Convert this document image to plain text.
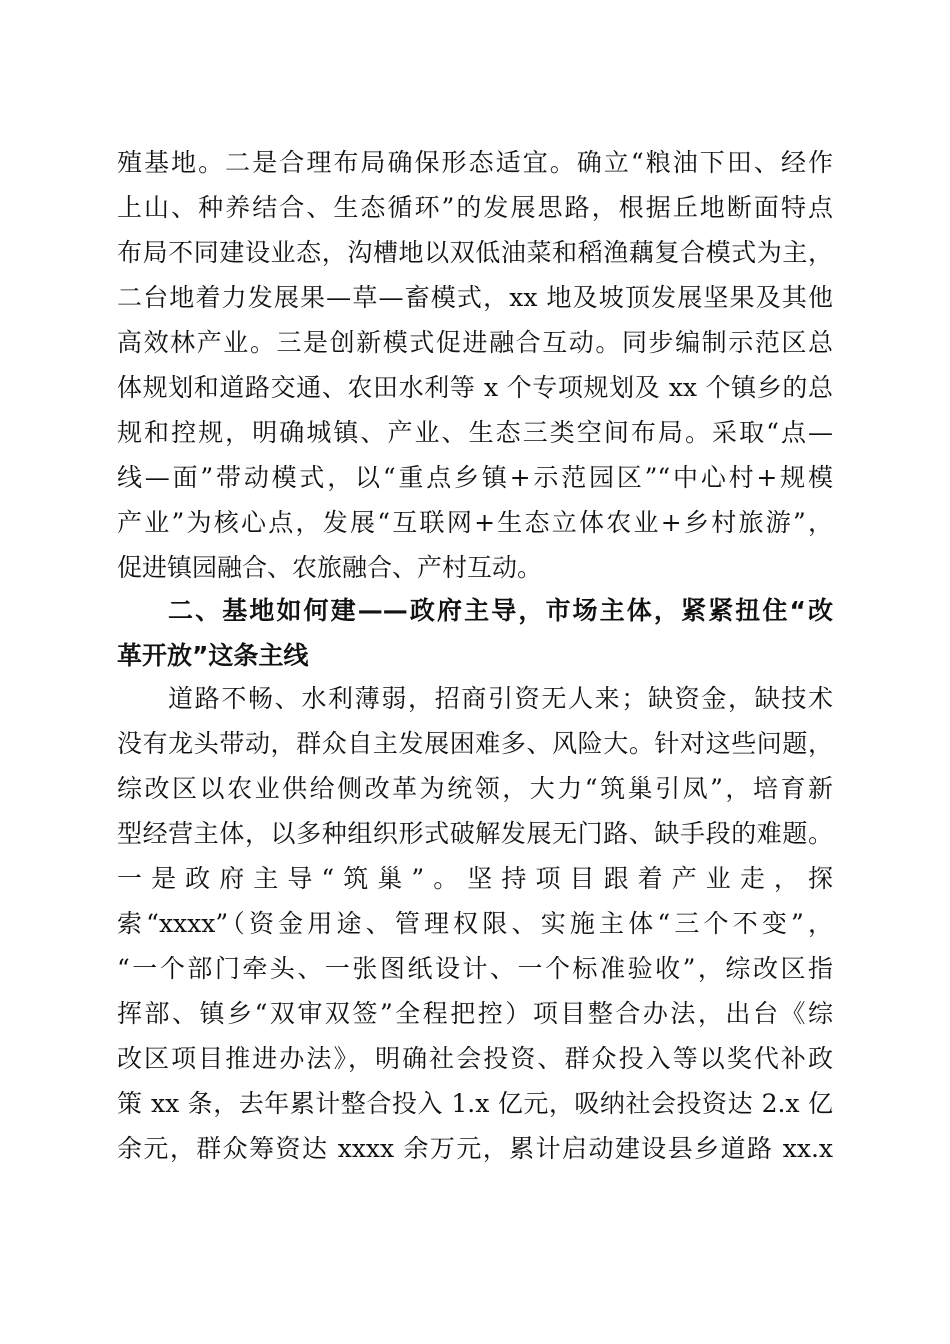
殖基地。二是合理布局确保形态适宜。确立“粮油下田、经作
上山、种养结合、生态循环”的发展思路，根据丘地断面特点
布局不同建设业态，沟槽地以双低油菜和稻渔藕复合模式为主，
二台地着力发展果—草—畜模式，xx 地及坡顶发展坚果及其他
高效林产业。三是创新模式促进融合互动。同步编制示范区总
体规划和道路交通、农田水利等 x 个专项规划及 xx 个镇乡的总
规和控规，明确城镇、产业、生态三类空间布局。采取“点—
线—面”带动模式，以“重点乡镇+示范园区”“中心村+规模
产业”为核心点，发展“互联网+生态立体农业+乡村旅游”，
促进镇园融合、农旅融合、产村互动。
二、基地如何建——政府主导，市场主体，紧紧扭住“改
革开放”这条主线
道路不畅、水利薄弱，招商引资无人来；缺资金，缺技术
没有龙头带动，群众自主发展困难多、风险大。针对这些问题，
综改区以农业供给侧改革为统领，大力“筑巢引凤”，培育新
型经营主体，以多种组织形式破解发展无门路、缺手段的难题。
一是政府主导“筑巢”。坚持项目跟着产业走，探
索“xxxx”（资金用途、管理权限、实施主体“三个不变”，
“一个部门牵头、一张图纸设计、一个标准验收”，综改区指
挥部、镇乡“双审双签”全程把控）项目整合办法，出台《综
改区项目推进办法》，明确社会投资、群众投入等以奖代补政
策 xx 条，去年累计整合投入 1.x 亿元，吸纳社会投资达 2.x 亿
余元，群众筹资达 xxxx 余万元，累计启动建设县乡道路 xx.x
